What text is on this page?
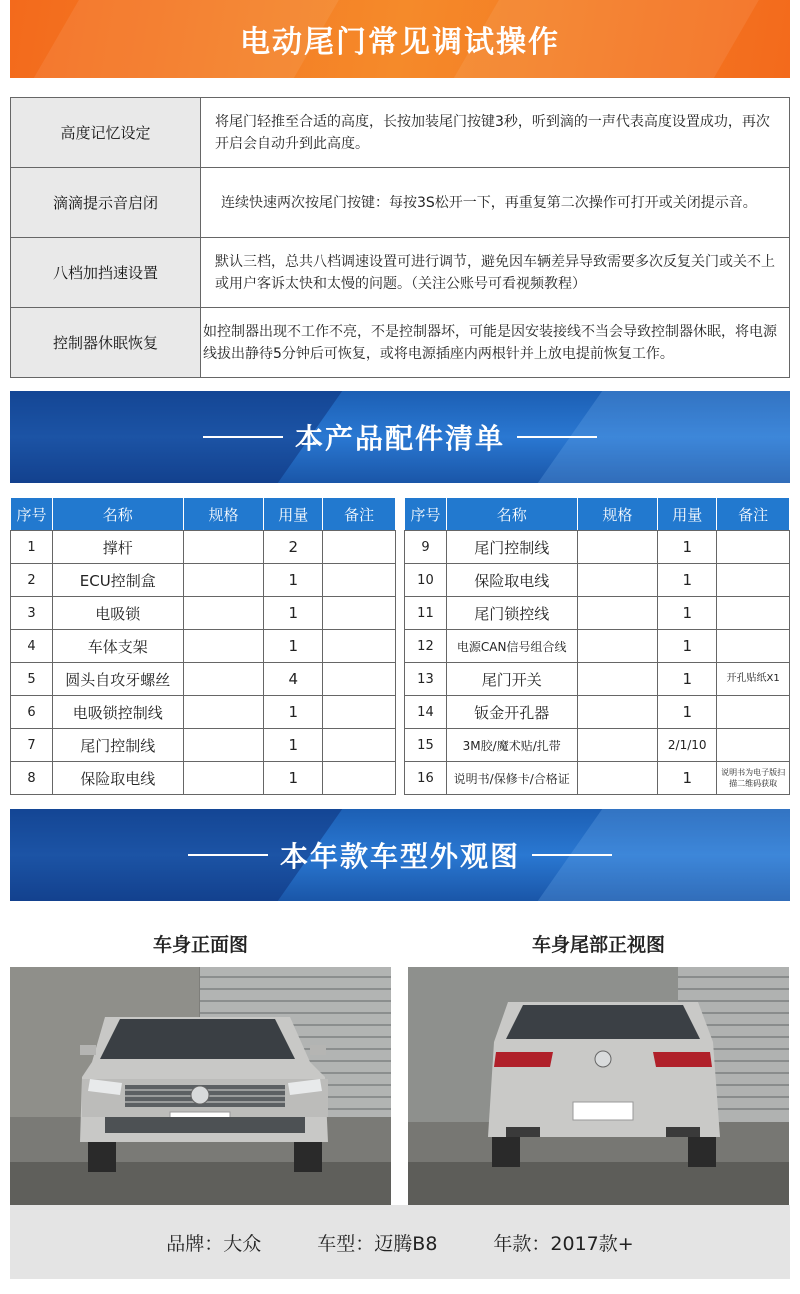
电动尾门常见调试操作
高度记忆设定	将尾门轻推至合适的高度，长按加装尾门按键3秒，听到滴的一声代表高度设置成功，再次开启会自动升到此高度。
滴滴提示音启闭	连续快速两次按尾门按键：每按3S松开一下，再重复第二次操作可打开或关闭提示音。
八档加挡速设置	默认三档，总共八档调速设置可进行调节，避免因车辆差异导致需要多次反复关门或关不上或用户客诉太快和太慢的问题。（关注公账号可看视频教程）
控制器休眠恢复	如控制器出现不工作不亮，不是控制器坏，可能是因安装接线不当会导致控制器休眠，将电源线拔出静待5分钟后可恢复，或将电源插座内两根针并上放电提前恢复工作。
本产品配件清单
序号	名称	规格	用量	备注
1	撑杆		2	
2	ECU控制盒		1	
3	电吸锁		1	
4	车体支架		1	
5	圆头自攻牙螺丝		4	
6	电吸锁控制线		1	
7	尾门控制线		1	
8	保险取电线		1	
序号	名称	规格	用量	备注
9	尾门控制线		1	
10	保险取电线		1	
11	尾门锁控线		1	
12	电源CAN信号组合线		1	
13	尾门开关		1	开孔贴纸X1
14	钣金开孔器		1	
15	3M胶/魔术贴/扎带		2/1/10	
16	说明书/保修卡/合格证		1	说明书为电子版扫描二维码获取
本年款车型外观图
车身正面图	车身尾部正视图
品牌：大众	车型：迈腾B8	年款：2017款+
